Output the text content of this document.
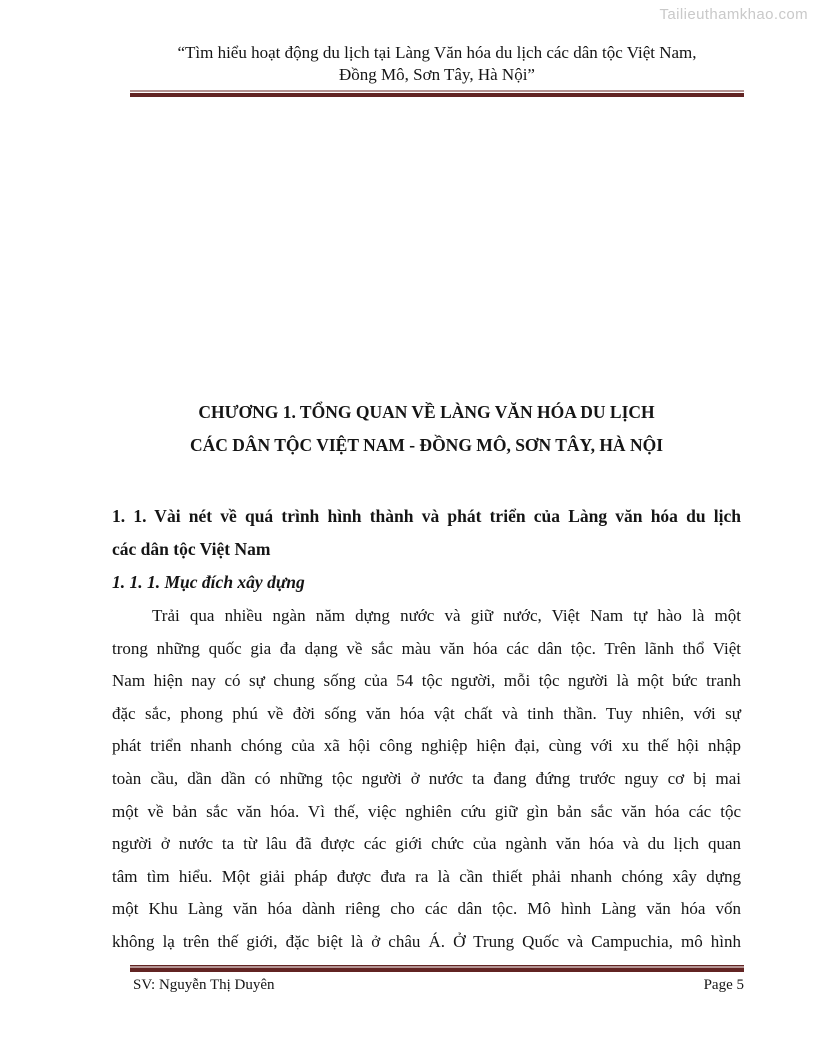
Tailieuthamkhao.com
“Tìm hiểu hoạt động du lịch tại Làng Văn hóa du lịch các dân tộc Việt Nam,
Đồng Mô, Sơn Tây, Hà Nội”
CHƯƠNG 1. TỔNG QUAN VỀ LÀNG VĂN HÓA DU LỊCH
CÁC DÂN TỘC VIỆT NAM - ĐỒNG MÔ, SƠN TÂY, HÀ NỘI
1. 1. Vài nét về quá trình hình thành và phát triển của Làng văn hóa du lịch
các dân tộc Việt Nam
1. 1. 1. Mục đích xây dựng
Trải qua nhiều ngàn năm dựng nước và giữ nước, Việt Nam tự hào là một
trong những quốc gia đa dạng về sắc màu văn hóa các dân tộc. Trên lãnh thổ Việt
Nam hiện nay có sự chung sống của 54 tộc người, mỗi tộc người là một bức tranh
đặc sắc, phong phú về đời sống văn hóa vật chất và tinh thần. Tuy nhiên, với sự
phát triển nhanh chóng của xã hội công nghiệp hiện đại, cùng với xu thế hội nhập
toàn cầu, dần dần có những tộc người ở nước ta đang đứng trước nguy cơ bị mai
một về bản sắc văn hóa. Vì thế, việc nghiên cứu giữ gìn bản sắc văn hóa các tộc
người ở nước ta từ lâu đã được các giới chức của ngành văn hóa và du lịch quan
tâm tìm hiểu. Một giải pháp được đưa ra là cần thiết phải nhanh chóng xây dựng
một Khu Làng văn hóa dành riêng cho các dân tộc. Mô hình Làng văn hóa vốn
không lạ trên thế giới, đặc biệt là ở châu Á. Ở Trung Quốc và Campuchia, mô hình
SV: Nguyễn Thị Duyên	Page 5
